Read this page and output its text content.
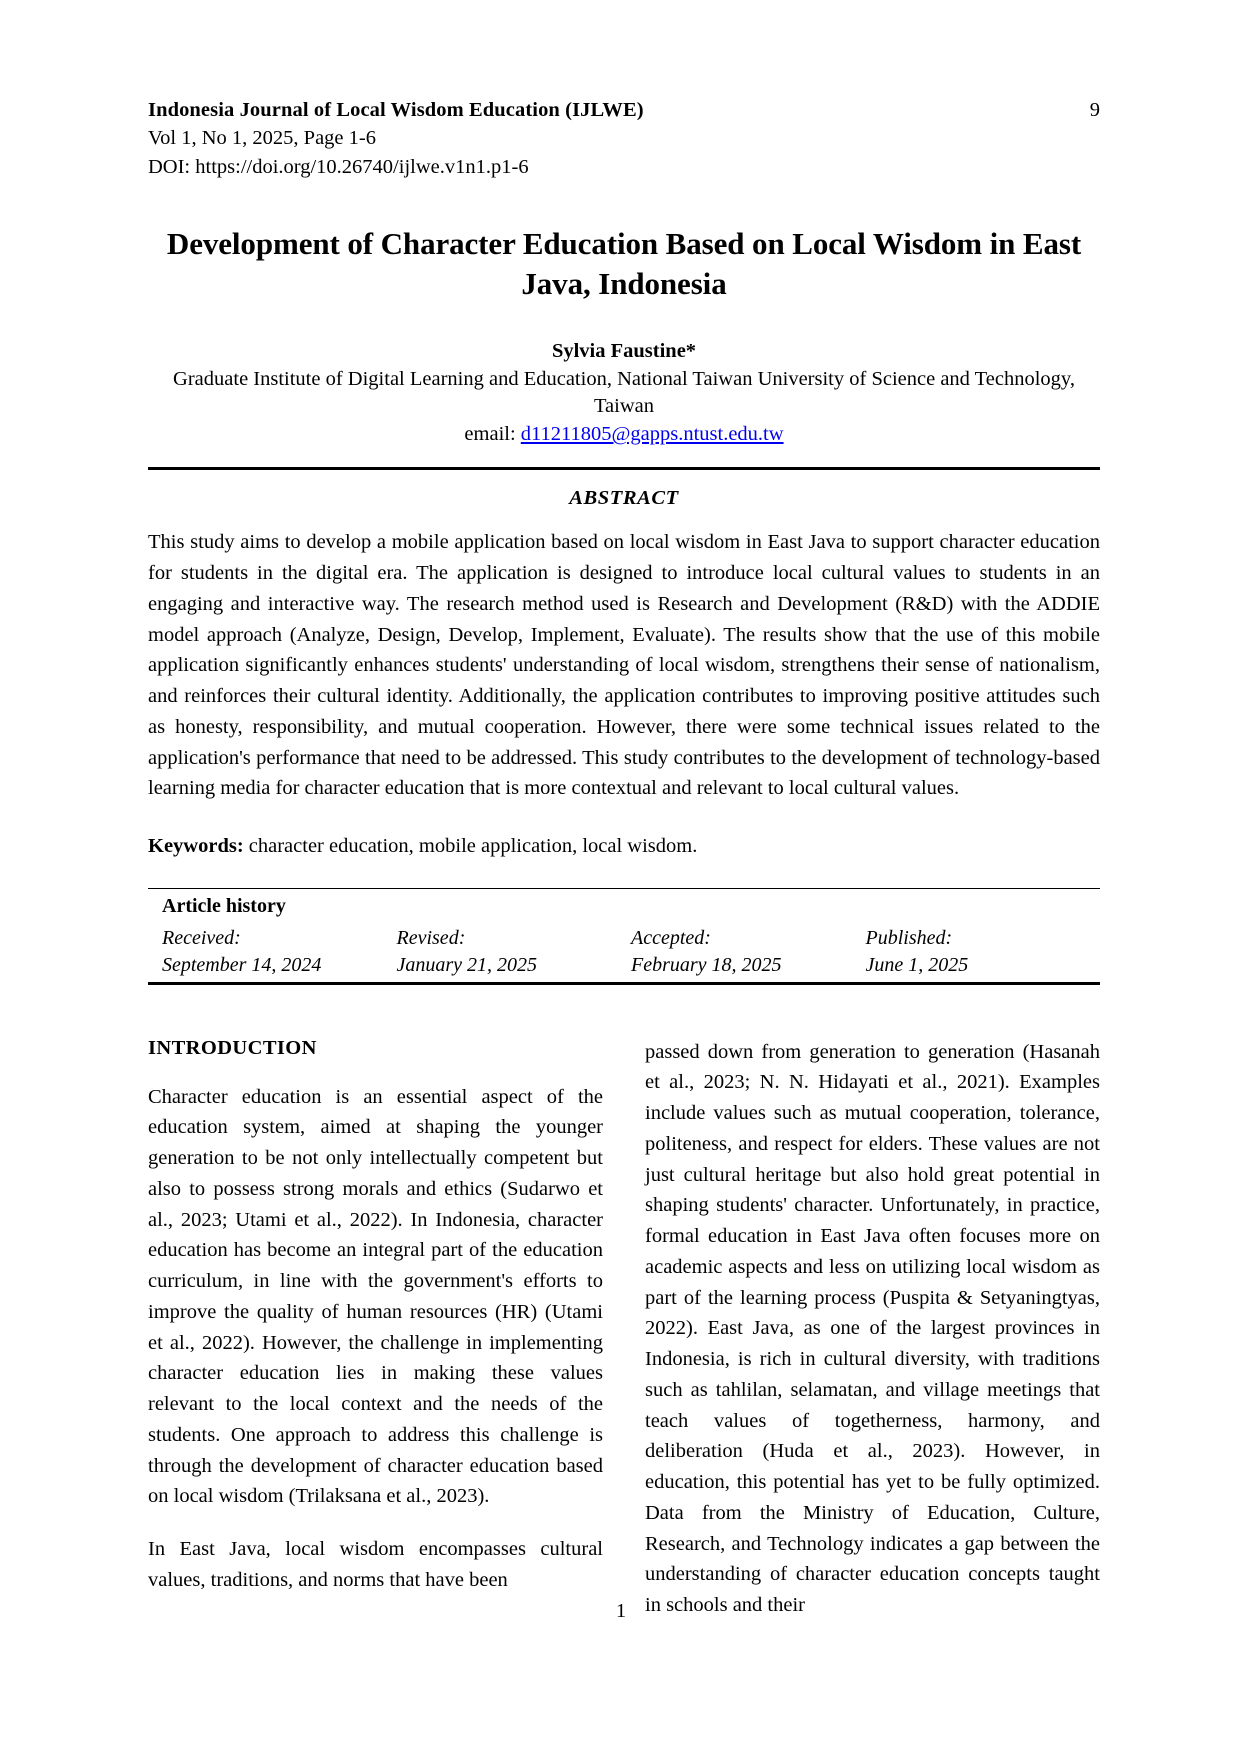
Indonesia Journal of Local Wisdom Education (IJLWE)
Vol 1, No 1, 2025, Page 1-6
DOI: https://doi.org/10.26740/ijlwe.v1n1.p1-6
9
Development of Character Education Based on Local Wisdom in East Java, Indonesia
Sylvia Faustine*
Graduate Institute of Digital Learning and Education, National Taiwan University of Science and Technology, Taiwan
email: d11211805@gapps.ntust.edu.tw
ABSTRACT
This study aims to develop a mobile application based on local wisdom in East Java to support character education for students in the digital era. The application is designed to introduce local cultural values to students in an engaging and interactive way. The research method used is Research and Development (R&D) with the ADDIE model approach (Analyze, Design, Develop, Implement, Evaluate). The results show that the use of this mobile application significantly enhances students' understanding of local wisdom, strengthens their sense of nationalism, and reinforces their cultural identity. Additionally, the application contributes to improving positive attitudes such as honesty, responsibility, and mutual cooperation. However, there were some technical issues related to the application's performance that need to be addressed. This study contributes to the development of technology-based learning media for character education that is more contextual and relevant to local cultural values.
Keywords: character education, mobile application, local wisdom.
Article history
Received:
September 14, 2024
Revised:
January 21, 2025
Accepted:
February 18, 2025
Published:
June 1, 2025
INTRODUCTION

Character education is an essential aspect of the education system, aimed at shaping the younger generation to be not only intellectually competent but also to possess strong morals and ethics (Sudarwo et al., 2023; Utami et al., 2022). In Indonesia, character education has become an integral part of the education curriculum, in line with the government's efforts to improve the quality of human resources (HR) (Utami et al., 2022). However, the challenge in implementing character education lies in making these values relevant to the local context and the needs of the students. One approach to address this challenge is through the development of character education based on local wisdom (Trilaksana et al., 2023).

In East Java, local wisdom encompasses cultural values, traditions, and norms that have been

passed down from generation to generation (Hasanah et al., 2023; N. N. Hidayati et al., 2021). Examples include values such as mutual cooperation, tolerance, politeness, and respect for elders. These values are not just cultural heritage but also hold great potential in shaping students' character. Unfortunately, in practice, formal education in East Java often focuses more on academic aspects and less on utilizing local wisdom as part of the learning process (Puspita & Setyaningtyas, 2022). East Java, as one of the largest provinces in Indonesia, is rich in cultural diversity, with traditions such as tahlilan, selamatan, and village meetings that teach values of togetherness, harmony, and deliberation (Huda et al., 2023). However, in education, this potential has yet to be fully optimized. Data from the Ministry of Education, Culture, Research, and Technology indicates a gap between the understanding of character education concepts taught in schools and their

1
